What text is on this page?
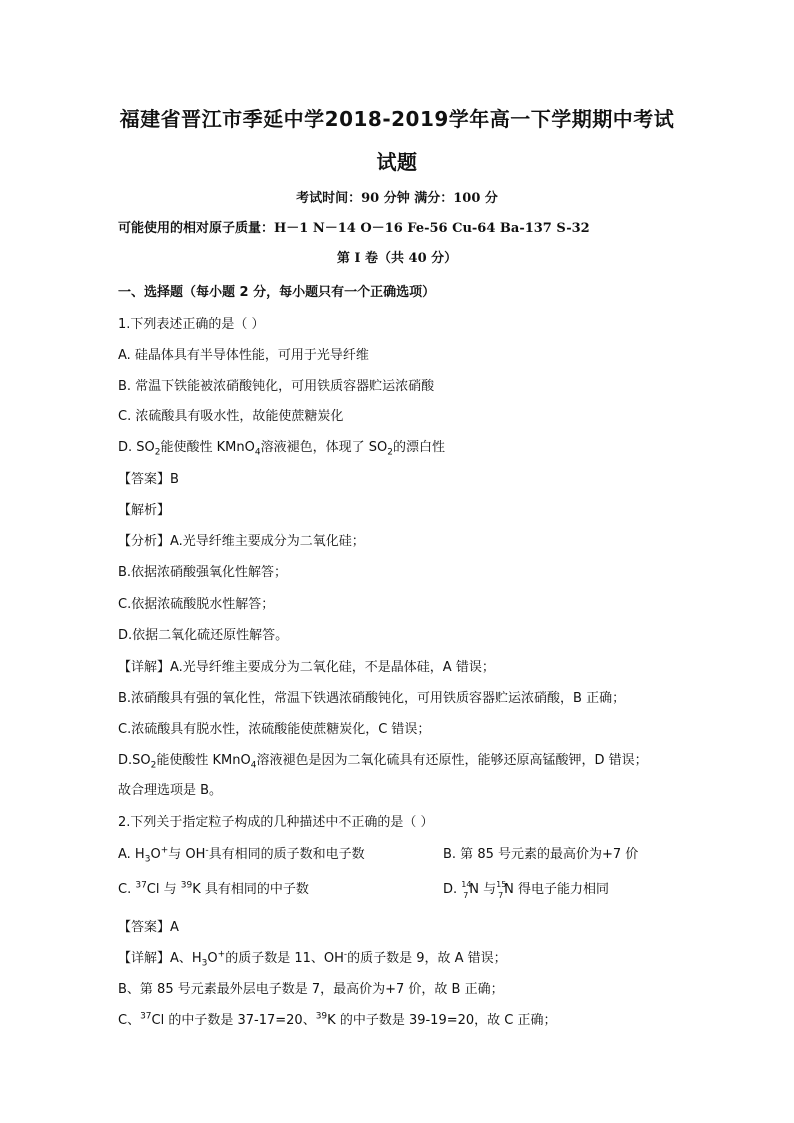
福建省晋江市季延中学2018-2019学年高一下学期期中考试
试题
考试时间：90 分钟 满分：100 分
可能使用的相对原子质量：H－1 N－14 O－16 Fe-56 Cu-64 Ba-137 S-32
第 I 卷（共 40 分）
一、选择题（每小题 2 分，每小题只有一个正确选项）
1.下列表述正确的是（ ）
A. 硅晶体具有半导体性能，可用于光导纤维
B. 常温下铁能被浓硝酸钝化，可用铁质容器贮运浓硝酸
C. 浓硫酸具有吸水性，故能使蔗糖炭化
D. $SO_2$能使酸性 KMnO$_4$溶液褪色，体现了 $SO_2$的漂白性
【答案】B
【解析】
【分析】A.光导纤维主要成分为二氧化硅；
B.依据浓硝酸强氧化性解答；
C.依据浓硫酸脱水性解答；
D.依据二氧化硫还原性解答。
【详解】A.光导纤维主要成分为二氧化硅，不是晶体硅，A 错误；
B.浓硝酸具有强的氧化性，常温下铁遇浓硝酸钝化，可用铁质容器贮运浓硝酸，B 正确；
C.浓硫酸具有脱水性，浓硫酸能使蔗糖炭化，C 错误；
$D.SO_2$能使酸性 KMnO$_4$溶液褪色是因为二氧化硫具有还原性，能够还原高锰酸钾，D 错误；
故合理选项是 B。
2.下列关于指定粒子构成的几种描述中不正确的是（ ）
A. $H_3O^+$与 OH-具有相同的质子数和电子数	B. 第 85 号元素的最高价为+7 价
C. $^{37}$Cl 与 $^{39}$K 具有相同的中子数	D. 14
7 N 与 15
7 N 得电子能力相同
【答案】A
【详解】A、$H_3O^+$的质子数是 11、OH-的质子数是 9，故 A 错误；
B、第 85 号元素最外层电子数是 7，最高价为+7 价，故 B 正确；
C、$^{37}$Cl 的中子数是 37-17=20、$^{39}$K 的中子数是 39-19=20，故 C 正确；
